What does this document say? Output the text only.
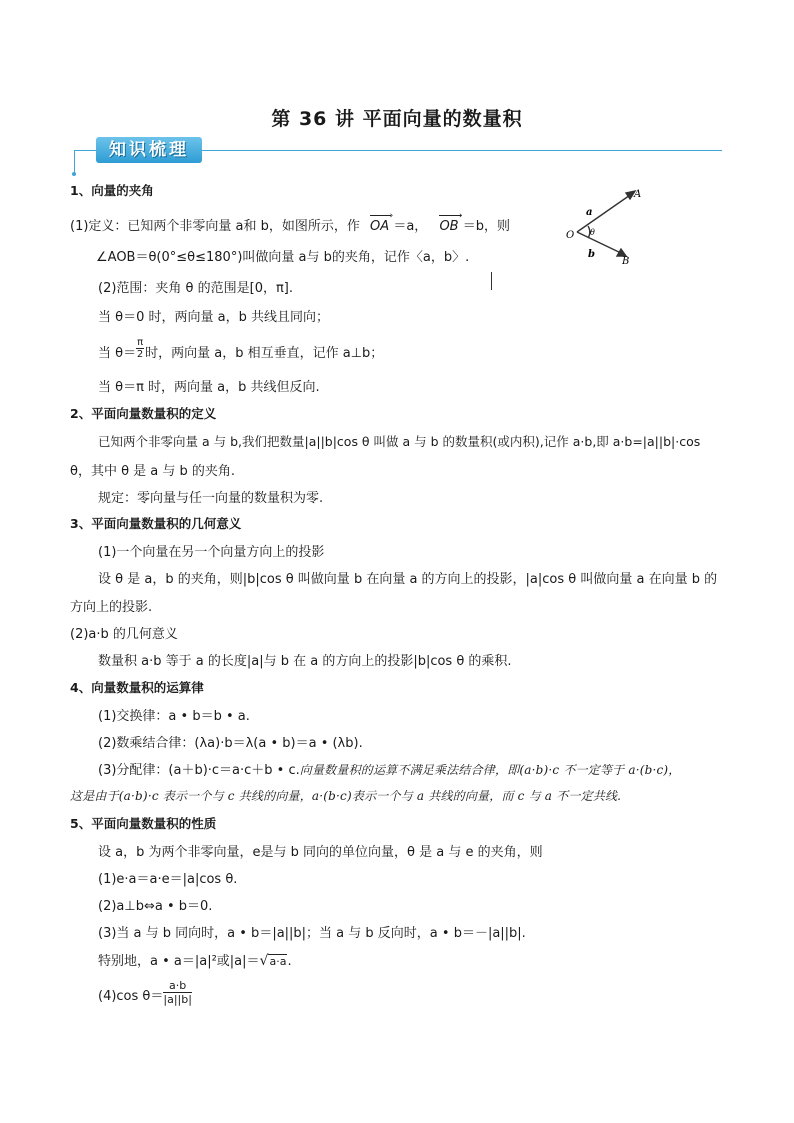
第 36 讲 平面向量的数量积
知识梳理
1、向量的夹角
(1)定义：已知两个非零向量 a和 b，如图所示，作
›
OA ＝a，
›
OB ＝b，则
∠AOB＝θ(0°≤θ≤180°)叫做向量 a与 b的夹角，记作〈a，b〉.
A
B
O
a
b
θ
(2)范围：夹角 θ 的范围是[0，π].
当 θ＝0 时，两向量 a，b 共线且同向；
当 $\theta= \frac{\pi}{2}$ 时，两向量 a，b 相互垂直，记作 a⊥b；
当 θ＝π 时，两向量 a，b 共线但反向.
2、平面向量数量积的定义
已知两个非零向量 a 与 b,我们把数量|a||b|cos θ 叫做 a 与 b 的数量积(或内积),记作 a·b,即 a·b=|a||b|·cos
θ，其中 θ 是 a 与 b 的夹角.
规定：零向量与任一向量的数量积为零.
3、平面向量数量积的几何意义
(1)一个向量在另一个向量方向上的投影
设 θ 是 a，b 的夹角，则|b|cos θ 叫做向量 b 在向量 a 的方向上的投影，|a|cos θ 叫做向量 a 在向量 b 的
方向上的投影.
(2)a·b 的几何意义
数量积 a·b 等于 a 的长度|a|与 b 在 a 的方向上的投影|b|cos θ 的乘积.
4、向量数量积的运算律
(1)交换律：a • b＝b • a.
(2)数乘结合律：(λa)·b＝λ(a • b)＝a • (λb).
(3)分配律：(a＋b)·c＝a·c＋b • c.向量数量积的运算不满足乘法结合律，即(a·b)·c 不一定等于 a·(b·c)，
这是由于(a·b)·c 表示一个与 c 共线的向量，a·(b·c)表示一个与 a 共线的向量，而 c 与 a 不一定共线.
5、平面向量数量积的性质
设 a，b 为两个非零向量，e是与 b 同向的单位向量，θ 是 a 与 e 的夹角，则
(1)e·a＝a·e＝|a|cos θ.
(2)a⊥b⇔a • b＝0.
(3)当 a 与 b 同向时，a • b＝|a||b|；当 a 与 b 反向时，a • b＝－|a||b|.
特别地，a • a＝|a|²或|a|＝√a·a.
(4)cos $\theta= \frac{a\cdot b}{|a||b|}$
